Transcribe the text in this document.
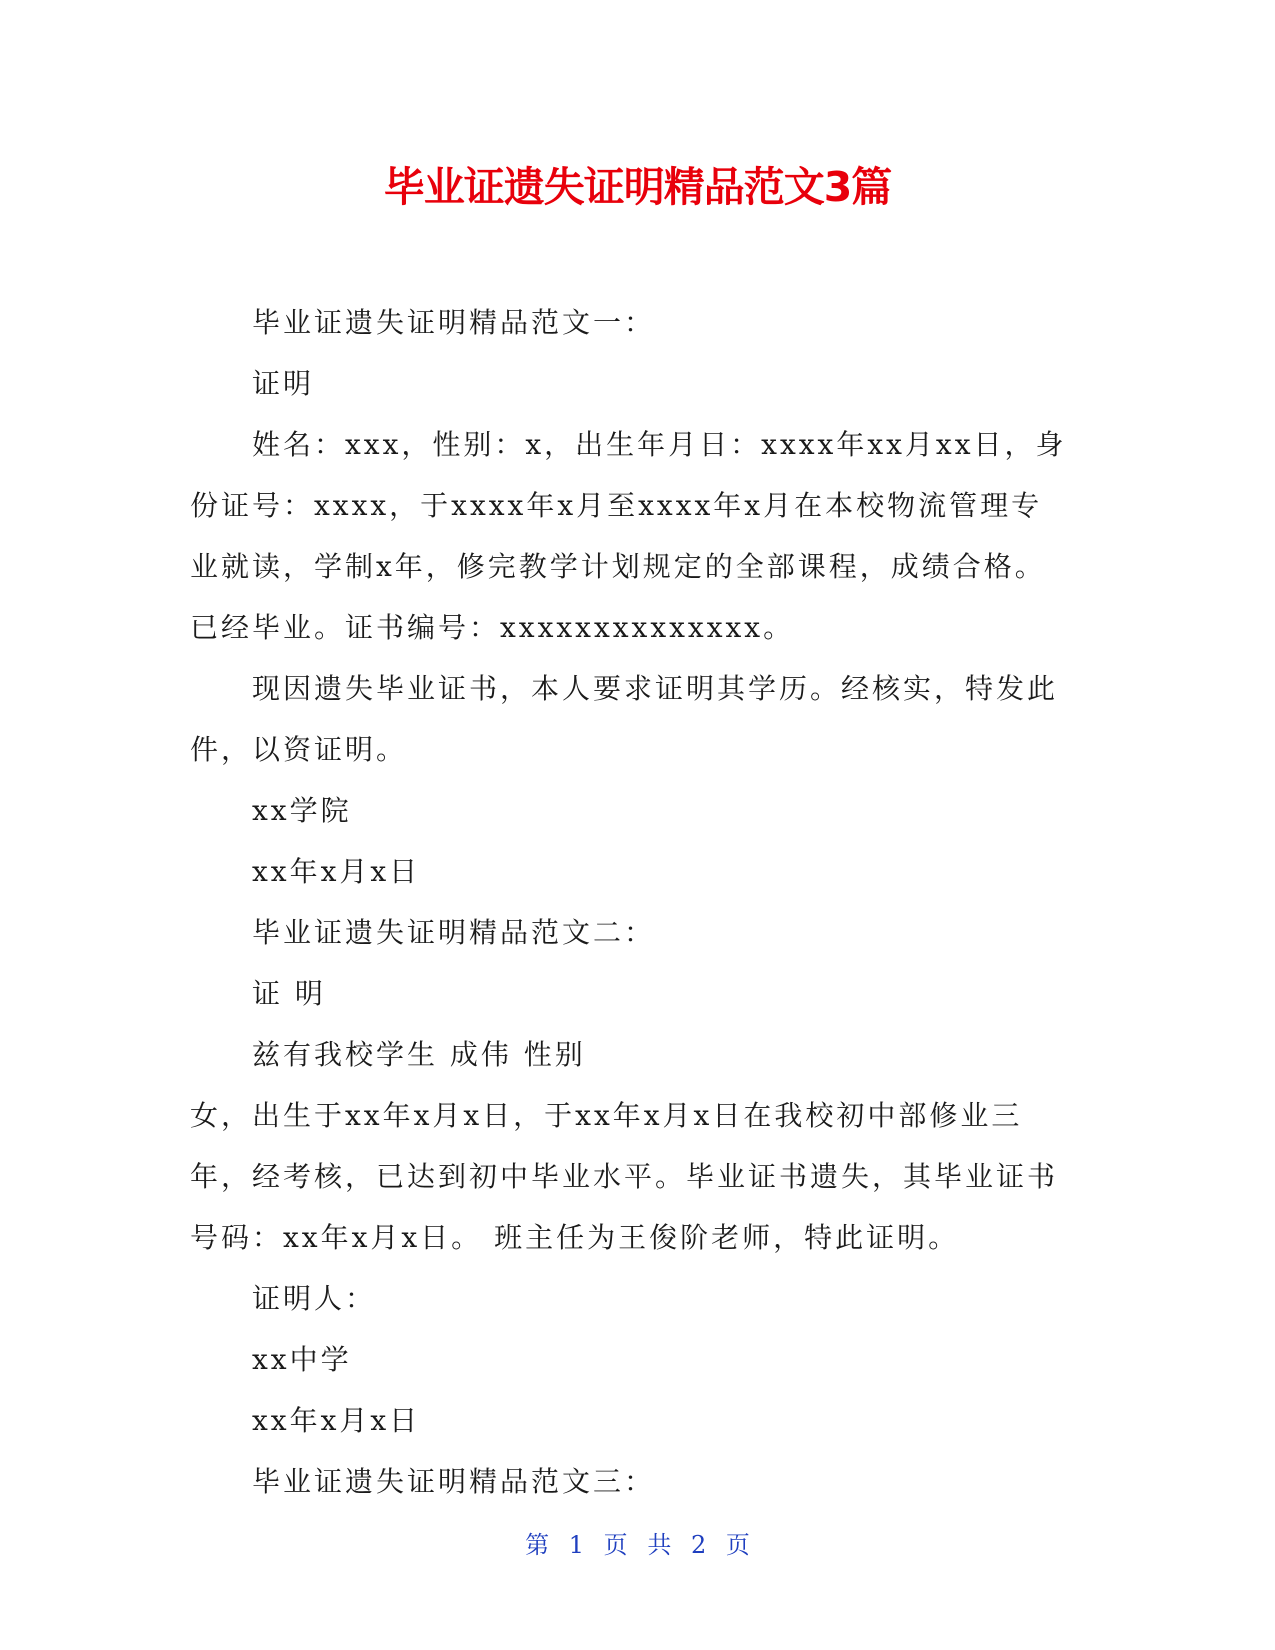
毕业证遗失证明精品范文3篇

毕业证遗失证明精品范文一：

证明

姓名：xxx，性别：x，出生年月日：xxxx年xx月xx日，身份证号：xxxx，于xxxx年x月至xxxx年x月在本校物流管理专业就读，学制x年，修完教学计划规定的全部课程，成绩合格。已经毕业。证书编号：xxxxxxxxxxxxxx。

现因遗失毕业证书，本人要求证明其学历。经核实，特发此件，以资证明。

xx学院

xx年x月x日

毕业证遗失证明精品范文二：

证 明

兹有我校学生 成伟 性别

女，出生于xx年x月x日，于xx年x月x日在我校初中部修业三年，经考核，已达到初中毕业水平。毕业证书遗失，其毕业证书号码：xx年x月x日。 班主任为王俊阶老师，特此证明。

证明人：

xx中学

xx年x月x日

毕业证遗失证明精品范文三：

第 1 页 共 2 页
